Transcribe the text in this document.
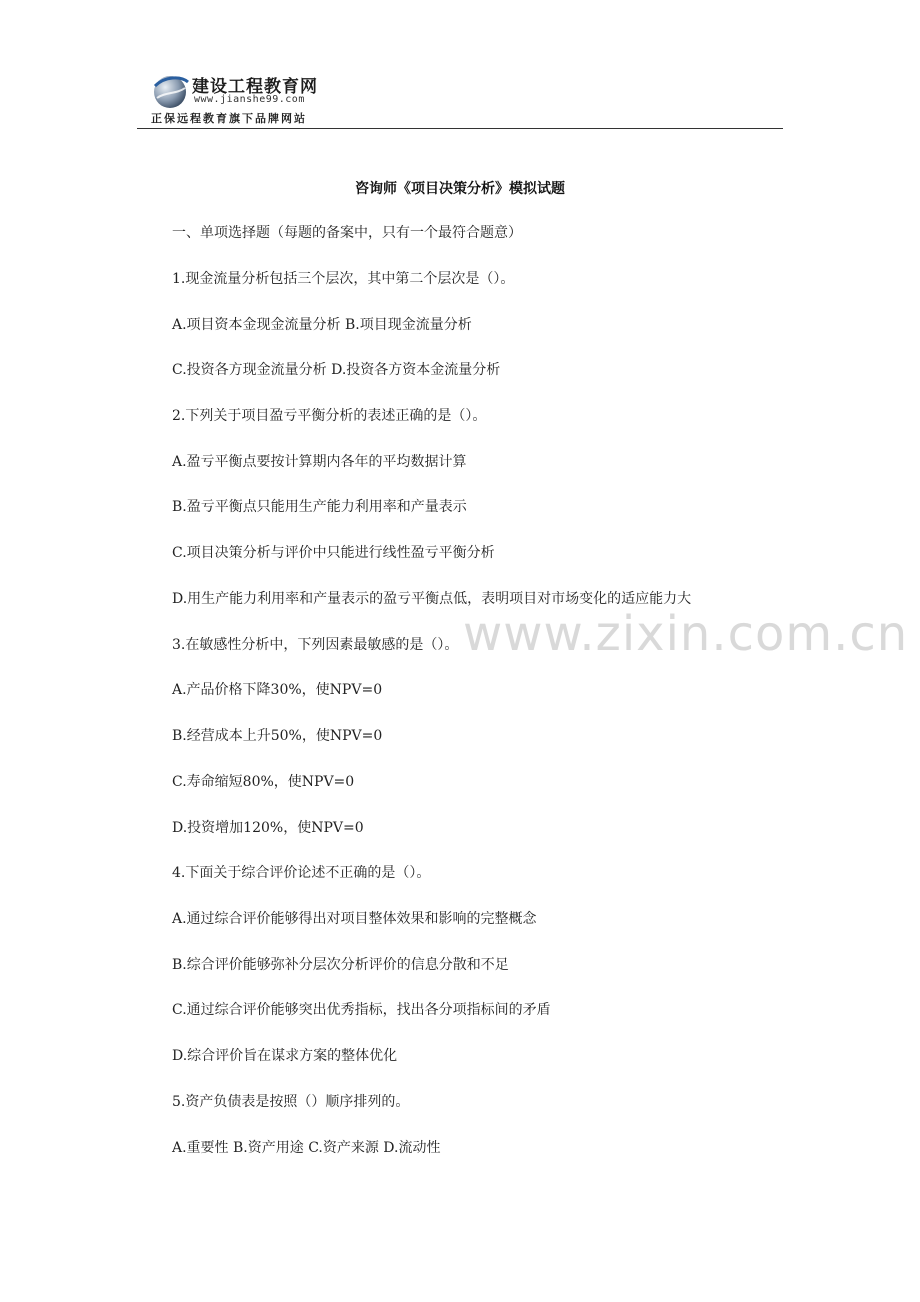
建设工程教育网
www.jianshe99.com
正保远程教育旗下品牌网站
咨询师《项目决策分析》模拟试题
一、单项选择题（每题的备案中，只有一个最符合题意）
1.现金流量分析包括三个层次，其中第二个层次是（）。
A.项目资本金现金流量分析 B.项目现金流量分析
C.投资各方现金流量分析 D.投资各方资本金流量分析
2.下列关于项目盈亏平衡分析的表述正确的是（）。
A.盈亏平衡点要按计算期内各年的平均数据计算
B.盈亏平衡点只能用生产能力利用率和产量表示
C.项目决策分析与评价中只能进行线性盈亏平衡分析
D.用生产能力利用率和产量表示的盈亏平衡点低，表明项目对市场变化的适应能力大
www.zixin.com.cn
3.在敏感性分析中，下列因素最敏感的是（）。
A.产品价格下降30%，使NPV=0
B.经营成本上升50%，使NPV=0
C.寿命缩短80%，使NPV=0
D.投资增加120%，使NPV=0
4.下面关于综合评价论述不正确的是（）。
A.通过综合评价能够得出对项目整体效果和影响的完整概念
B.综合评价能够弥补分层次分析评价的信息分散和不足
C.通过综合评价能够突出优秀指标，找出各分项指标间的矛盾
D.综合评价旨在谋求方案的整体优化
5.资产负债表是按照（）顺序排列的。
A.重要性 B.资产用途 C.资产来源 D.流动性
